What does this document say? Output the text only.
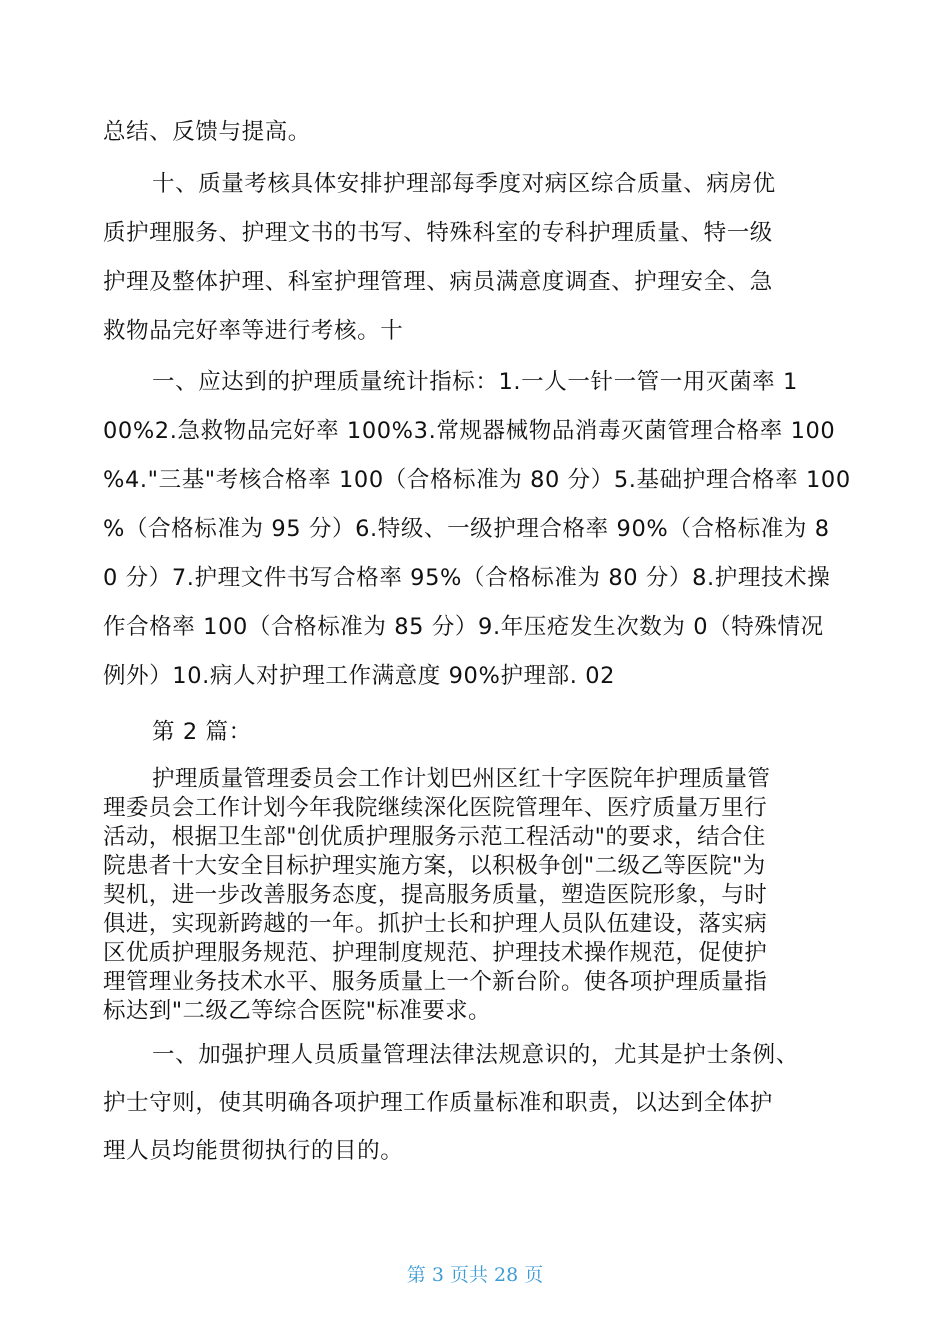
总结、反馈与提高。
十、质量考核具体安排护理部每季度对病区综合质量、病房优
质护理服务、护理文书的书写、特殊科室的专科护理质量、特一级
护理及整体护理、科室护理管理、病员满意度调查、护理安全、急
救物品完好率等进行考核。十
一、应达到的护理质量统计指标：1.一人一针一管一用灭菌率 1
00%2.急救物品完好率 100%3.常规器械物品消毒灭菌管理合格率 100
%4."三基"考核合格率 100（合格标准为 80 分）5.基础护理合格率 100
%（合格标准为 95 分）6.特级、一级护理合格率 90%（合格标准为 8
0 分）7.护理文件书写合格率 95%（合格标准为 80 分）8.护理技术操
作合格率 100（合格标准为 85 分）9.年压疮发生次数为 0（特殊情况
例外）10.病人对护理工作满意度 90%护理部. 02
第 2 篇：
护理质量管理委员会工作计划巴州区红十字医院年护理质量管
理委员会工作计划今年我院继续深化医院管理年、医疗质量万里行
活动，根据卫生部"创优质护理服务示范工程活动"的要求，结合住
院患者十大安全目标护理实施方案，以积极争创"二级乙等医院"为
契机，进一步改善服务态度，提高服务质量，塑造医院形象，与时
俱进，实现新跨越的一年。抓护士长和护理人员队伍建设，落实病
区优质护理服务规范、护理制度规范、护理技术操作规范，促使护
理管理业务技术水平、服务质量上一个新台阶。使各项护理质量指
标达到"二级乙等综合医院"标准要求。
一、加强护理人员质量管理法律法规意识的，尤其是护士条例、
护士守则，使其明确各项护理工作质量标准和职责，以达到全体护
理人员均能贯彻执行的目的。
第 3 页共 28 页
